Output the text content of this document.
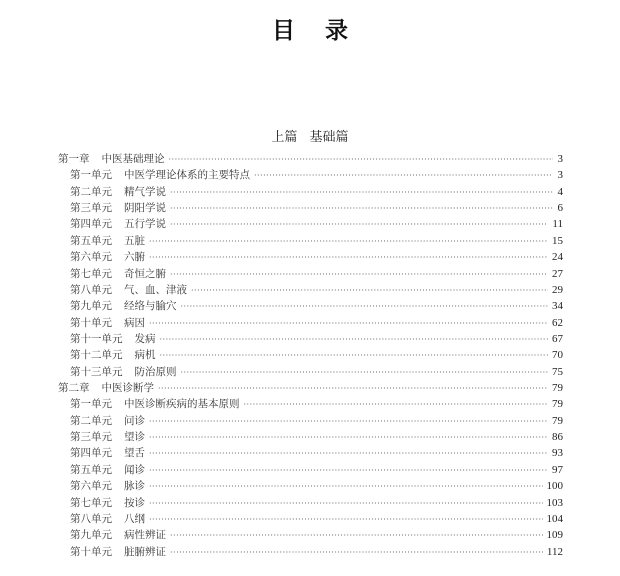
目录
上篇 基础篇
第一章 中医基础理论 ·····	3
第一单元 中医学理论体系的主要特点 ·····	3
第二单元 精气学说 ·····	4
第三单元 阴阳学说 ·····	6
第四单元 五行学说 ·····	11
第五单元 五脏 ·····	15
第六单元 六腑 ·····	24
第七单元 奇恒之腑 ·····	27
第八单元 气、血、津液 ·····	29
第九单元 经络与腧穴 ·····	34
第十单元 病因 ·····	62
第十一单元 发病 ·····	67
第十二单元 病机 ·····	70
第十三单元 防治原则 ·····	75
第二章 中医诊断学 ·····	79
第一单元 中医诊断疾病的基本原则 ·····	79
第二单元 问诊 ·····	79
第三单元 望诊 ·····	86
第四单元 望舌 ·····	93
第五单元 闻诊 ·····	97
第六单元 脉诊 ·····	100
第七单元 按诊 ·····	103
第八单元 八纲 ·····	104
第九单元 病性辨证 ·····	109
第十单元 脏腑辨证 ·····	112
